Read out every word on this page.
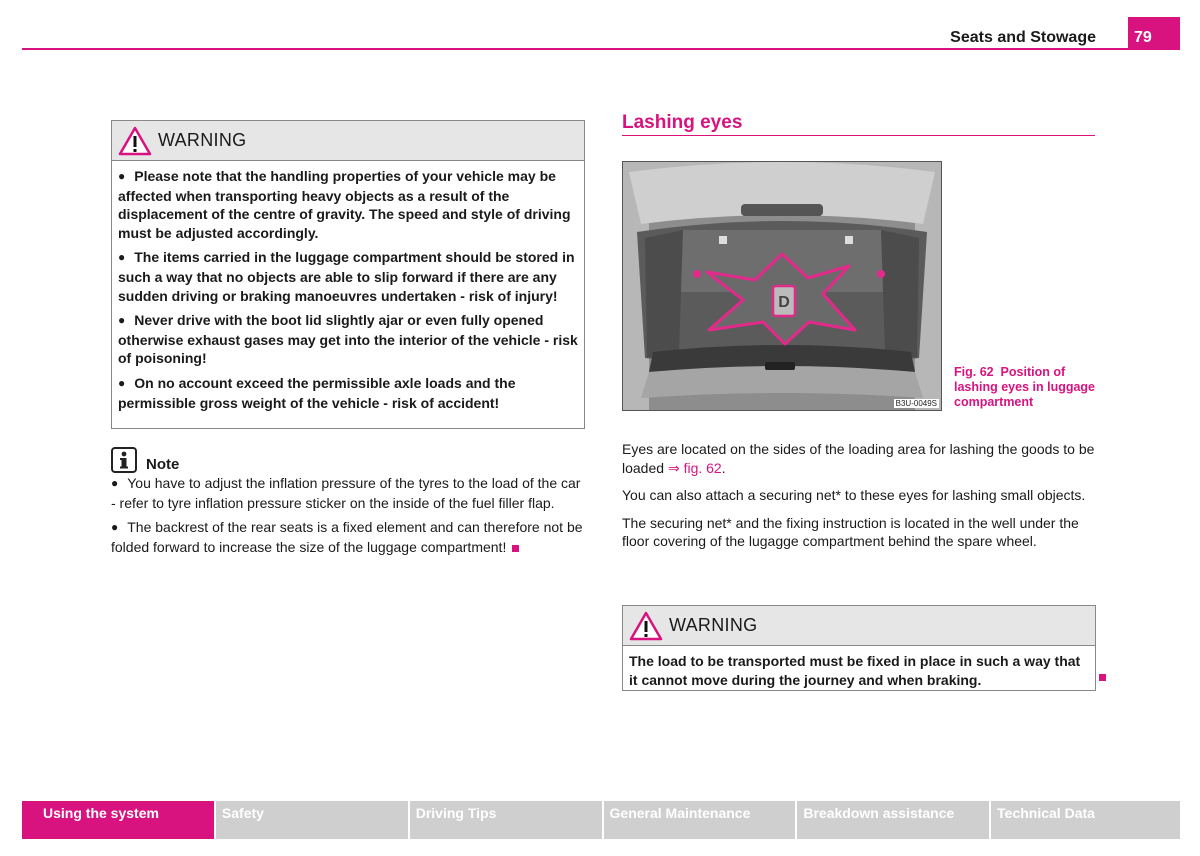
Seats and Stowage	79
WARNING

● Please note that the handling properties of your vehicle may be affected when transporting heavy objects as a result of the displacement of the centre of gravity. The speed and style of driving must be adjusted accordingly.

● The items carried in the luggage compartment should be stored in such a way that no objects are able to slip forward if there are any sudden driving or braking manoeuvres undertaken - risk of injury!

● Never drive with the boot lid slightly ajar or even fully opened otherwise exhaust gases may get into the interior of the vehicle - risk of poisoning!

● On no account exceed the permissible axle loads and the permissible gross weight of the vehicle - risk of accident!

Note

● You have to adjust the inflation pressure of the tyres to the load of the car - refer to tyre inflation pressure sticker on the inside of the fuel filler flap.

● The backrest of the rear seats is a fixed element and can therefore not be folded forward to increase the size of the luggage compartment!

Lashing eyes
D
B3U-0049S
Fig. 62 Position of lashing eyes in luggage compartment

Eyes are located on the sides of the loading area for lashing the goods to be loaded ⇒ fig. 62.

You can also attach a securing net* to these eyes for lashing small objects.

The securing net* and the fixing instruction is located in the well under the floor covering of the lugagge compartment behind the spare wheel.

WARNING

The load to be transported must be fixed in place in such a way that it cannot move during the journey and when braking.

Using the system	Safety	Driving Tips	General Maintenance	Breakdown assistance	Technical Data
